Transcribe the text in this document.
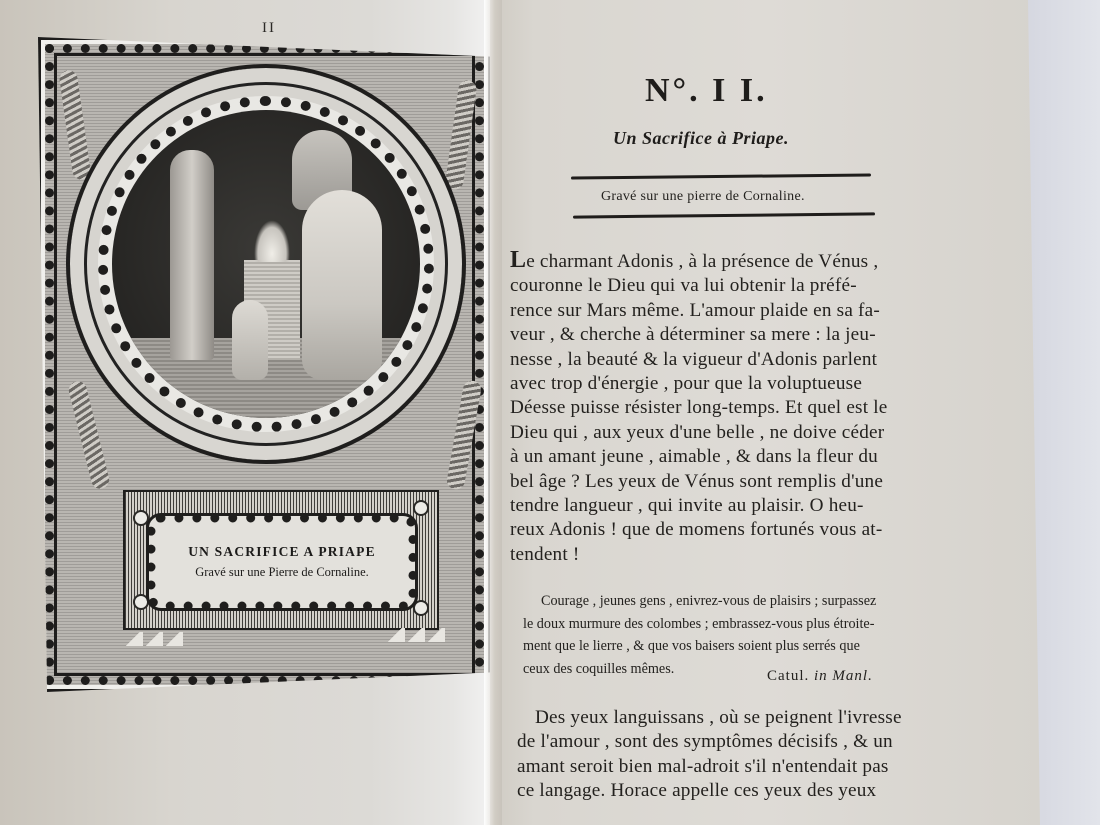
II
UN SACRIFICE A PRIAPE
Gravé sur une Pierre de Cornaline.
N°. I I.
Un Sacrifice à Priape.
Gravé sur une pierre de Cornaline.
Le charmant Adonis , à la présence de Vénus ,
couronne le Dieu qui va lui obtenir la préfé-
rence sur Mars même. L'amour plaide en sa fa-
veur , & cherche à déterminer sa mere : la jeu-
nesse , la beauté & la vigueur d'Adonis parlent
avec trop d'énergie , pour que la voluptueuse
Déesse puisse résister long-temps. Et quel est le
Dieu qui , aux yeux d'une belle , ne doive céder
à un amant jeune , aimable , & dans la fleur du
bel âge ? Les yeux de Vénus sont remplis d'une
tendre langueur , qui invite au plaisir. O heu-
reux Adonis ! que de momens fortunés vous at-
tendent !
Courage , jeunes gens , enivrez-vous de plaisirs ; surpassez
le doux murmure des colombes ; embrassez-vous plus étroite-
ment que le lierre , & que vos baisers soient plus serrés que
ceux des coquilles mêmes.	Catul. in Manl.
Des yeux languissans , où se peignent l'ivresse
de l'amour , sont des symptômes décisifs , & un
amant seroit bien mal-adroit s'il n'entendait pas
ce langage. Horace appelle ces yeux des yeux
